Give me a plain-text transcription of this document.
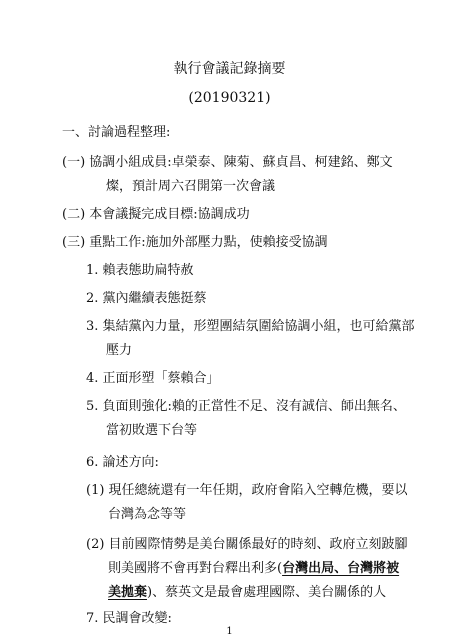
執行會議記錄摘要
(20190321)
一、討論過程整理:
(一) 協調小組成員:卓榮泰、陳菊、蘇貞昌、柯建銘、鄭文
燦，預計周六召開第一次會議
(二) 本會議擬完成目標:協調成功
(三) 重點工作:施加外部壓力點，使賴接受協調
1. 賴表態助扁特赦
2. 黨內繼續表態挺蔡
3. 集結黨內力量，形塑團結氛圍給協調小組，也可給黨部
壓力
4. 正面形塑「蔡賴合」
5. 負面則強化:賴的正當性不足、沒有誠信、師出無名、
當初敗選下台等
6. 論述方向:
(1) 現任總統還有一年任期，政府會陷入空轉危機，要以
台灣為念等等
(2) 目前國際情勢是美台關係最好的時刻、政府立刻跛腳
則美國將不會再對台釋出利多(台灣出局、台灣將被
美拋棄)、蔡英文是最會處理國際、美台關係的人
7. 民調會改變:
1
